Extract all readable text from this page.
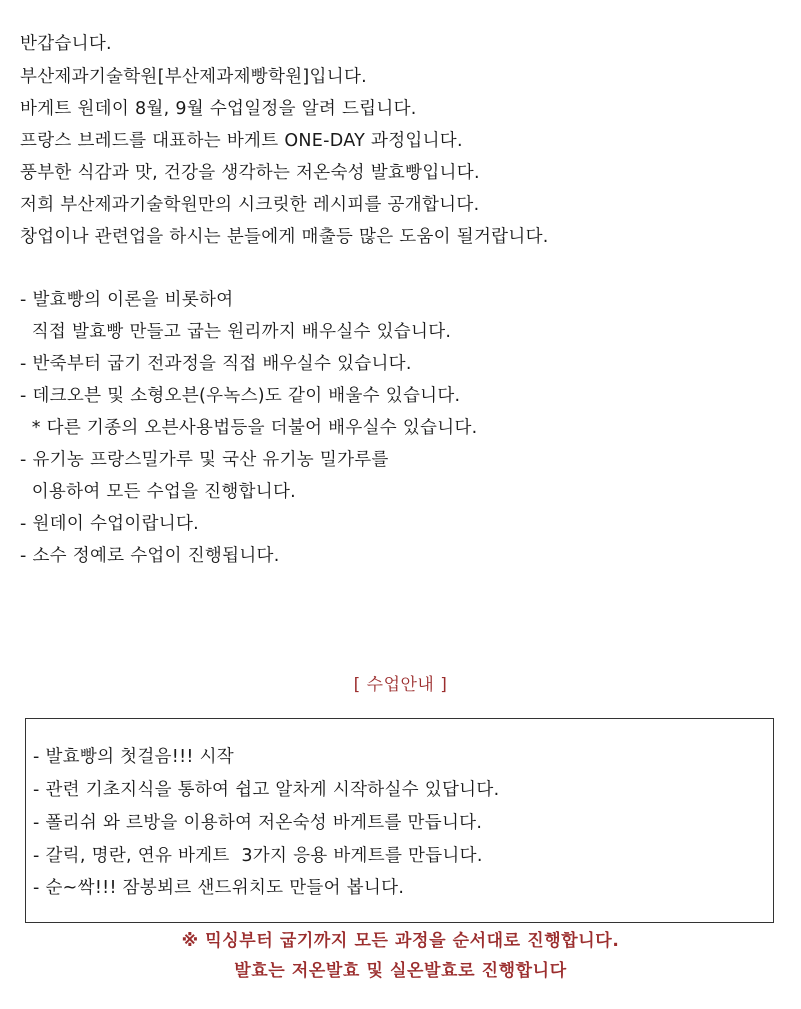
반갑습니다.
부산제과기술학원[부산제과제빵학원]입니다.
바게트 원데이 8월, 9월 수업일정을 알려 드립니다.
프랑스 브레드를 대표하는 바게트 ONE-DAY 과정입니다.
풍부한 식감과 맛, 건강을 생각하는 저온숙성 발효빵입니다.
저희 부산제과기술학원만의 시크릿한 레시피를 공개합니다.
창업이나 관련업을 하시는 분들에게 매출등 많은 도움이 될거랍니다.
- 발효빵의 이론을 비롯하여
직접 발효빵 만들고 굽는 원리까지 배우실수 있습니다.
- 반죽부터 굽기 전과정을 직접 배우실수 있습니다.
- 데크오븐 및 소형오븐(우녹스)도 같이 배울수 있습니다.
* 다른 기종의 오븐사용법등을 더불어 배우실수 있습니다.
- 유기농 프랑스밀가루 및 국산 유기농 밀가루를
이용하여 모든 수업을 진행합니다.
- 원데이 수업이랍니다.
- 소수 정예로 수업이 진행됩니다.
[ 수업안내 ]
- 발효빵의 첫걸음!!! 시작
- 관련 기초지식을 통하여 쉽고 알차게 시작하실수 있답니다.
- 폴리쉬 와 르방을 이용하여 저온숙성 바게트를 만듭니다.
- 갈릭, 명란, 연유 바게트  3가지 응용 바게트를 만듭니다.
- 순~싹!!! 잠봉뵈르 샌드위치도 만들어 봅니다.
※ 믹싱부터 굽기까지 모든 과정을 순서대로 진행합니다.
발효는 저온발효 및 실온발효로 진행합니다
